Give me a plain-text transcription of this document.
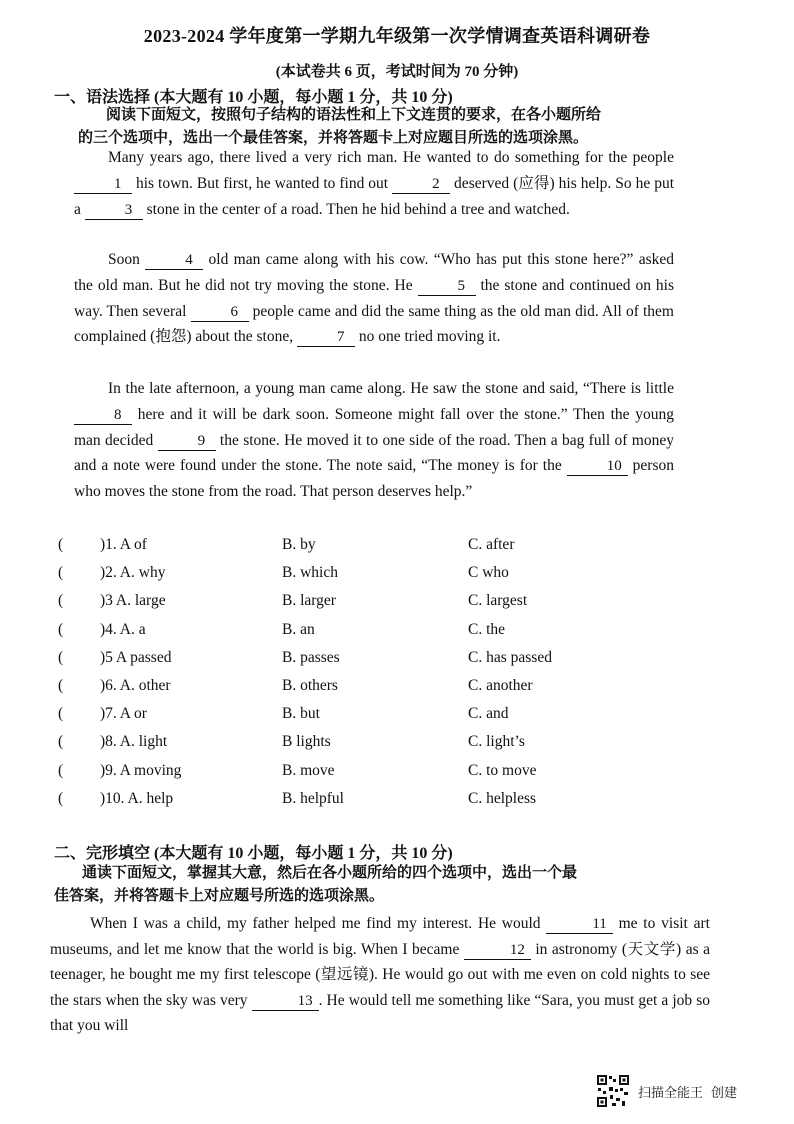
2023-2024 学年度第一学期九年级第一次学情调查英语科调研卷
(本试卷共 6 页，考试时间为 70 分钟)
一、语法选择 (本大题有 10 小题，每小题 1 分，共 10 分)
阅读下面短文，按照句子结构的语法性和上下文连贯的要求，在各小题所给
的三个选项中，选出一个最佳答案，并将答题卡上对应题目所选的选项涂黑。
Many years ago, there lived a very rich man. He wanted to do something for the people 1 his town. But first, he wanted to find out	2 deserved (应得) his help. So he put a	3 stone in the center of a road. Then he hid behind a tree and watched.
Soon	4 old man came along with his cow. “Who has put this stone here?” asked the old man. But he did not try moving the stone. He	5 the stone and continued on his way. Then several	6 people came and did the same thing as the old man did. All of them complained (抱怨) about the stone,	7 no one tried moving it.
In the late afternoon, a young man came along. He saw the stone and said, “There is little 8 here and it will be dark soon. Someone might fall over the stone.” Then the young man decided	9 the stone. He moved it to one side of the road. Then a bag full of money and a note were found under the stone. The note said, “The money is for the	10 person who moves the stone from the road. That person deserves help.”
( )1. A of	B. by	C. after
( )2. A. why	B. which	C who
( )3 A. large	B. larger	C. largest
( )4. A. a	B. an	C. the
( )5 A passed	B. passes	C. has passed
( )6. A. other	B. others	C. another
( )7. A or	B. but	C. and
( )8. A. light	B lights	C. light’s
( )9. A moving	B. move	C. to move
( )10. A. help	B. helpful	C. helpless
二、完形填空 (本大题有 10 小题，每小题 1 分，共 10 分)
通读下面短文，掌握其大意，然后在各小题所给的四个选项中，选出一个最
佳答案，并将答题卡上对应题号所选的选项涂黑。
When I was a child, my father helped me find my interest. He would	11 me to visit art museums, and let me know that the world is big. When I became	12 in astronomy (天文学) as a teenager, he bought me my first telescope (望远镜). He would go out with me even on cold nights to see the stars when the sky was very	13 . He would tell me something like “Sara, you must get a job so that you will
扫描全能王 创建
